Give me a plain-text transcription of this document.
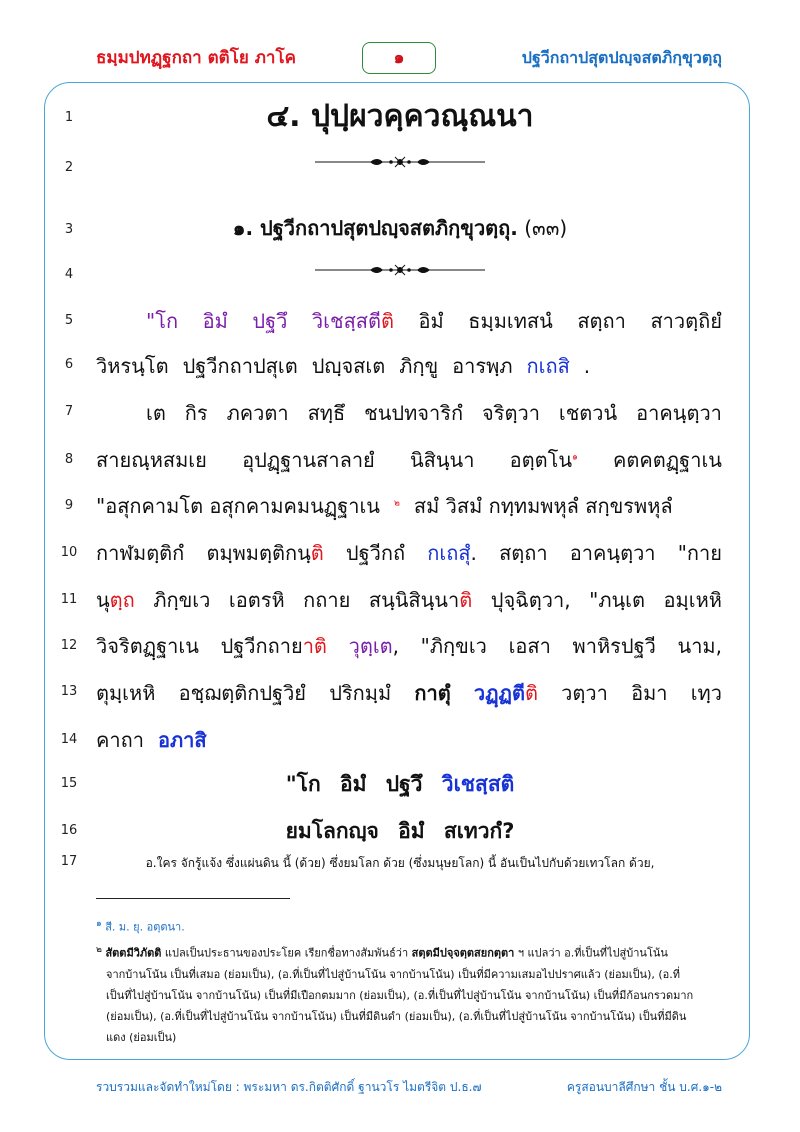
ธมฺมปทฏฺฐกถา ตติโย ภาโค	๑	ปฐวีกถาปสุตปญฺจสตภิกฺขุวตฺถุ
1
2
3
4
5
6
7
8
9
10
11
12
13
14
15
16
17
๔. ปุปฺผวคฺควณฺณนา
๑. ปฐวีกถาปสุตปญฺจสตภิกฺขุวตฺถุ. (๓๓)
"โก อิมํ ปฐวึ วิเชสฺสตีติ อิมํ ธมฺมเทสนํ สตฺถา สาวตฺถิยํ
วิหรนฺโต ปฐวีกถาปสุเต ปญฺจสเต ภิกฺขู อารพฺภ กเถสิ .
เต กิร ภควตา สทฺธึ ชนปทจาริกํ จริตฺวา เชตวนํ อาคนฺตฺวา
สายณฺหสมเย อุปฏฺฐานสาลายํ นิสินฺนา อตฺตโน$^๑$ คตคตฏฺฐาเน
"อสุกคามโต อสุกคามคมนฏฺฐาเน $^๒$ สมํ วิสมํ กทฺทมพหุลํ สกฺขรพหุลํ
กาฬมตฺติกํ ตมฺพมตฺติกนฺติ ปฐวีกถํ กเถสุํ. สตฺถา อาคนฺตฺวา "กาย
นุตฺถ ภิกฺขเว เอตรหิ กถาย สนฺนิสินฺนาติ ปุจฺฉิตฺวา, "ภนฺเต อมฺเหหิ
วิจริตฏฺฐาเน ปฐวีกถายาติ วุตฺเต, "ภิกฺขเว เอสา พาหิรปฐวี นาม,
ตุมฺเหหิ อชฺฌตฺติกปฐวิยํ ปริกมฺมํ กาตุํ วฏฺฏตีติ วตฺวา อิมา เทฺว
คาถา อภาสิ
"โก อิมํ ปฐวึ วิเชสฺสติ
ยมโลกญฺจ อิมํ สเทวกํ?
อ.ใคร จักรู้แจ้ง ซึ่งแผ่นดิน นี้ (ด้วย) ซึ่งยมโลก ด้วย (ซึ่งมนุษยโลก) นี้ อันเป็นไปกับด้วยเทวโลก ด้วย,
$^๑$ สี. ม. ยุ. อตฺตนา.
$^๒$ สัตตมีวิภัตติ แปลเป็นประธานของประโยค เรียกชื่อทางสัมพันธ์ว่า สตฺตมีปจฺจตฺตสยกตฺตา ฯ แปลว่า อ.ที่เป็นที่ไปสู่บ้านโน้น
จากบ้านโน้น เป็นที่เสมอ (ย่อมเป็น), (อ.ที่เป็นที่ไปสู่บ้านโน้น จากบ้านโน้น) เป็นที่มีความเสมอไปปราศแล้ว (ย่อมเป็น), (อ.ที่
เป็นที่ไปสู่บ้านโน้น จากบ้านโน้น) เป็นที่มีเปือกตมมาก (ย่อมเป็น), (อ.ที่เป็นที่ไปสู่บ้านโน้น จากบ้านโน้น) เป็นที่มีก้อนกรวดมาก
(ย่อมเป็น), (อ.ที่เป็นที่ไปสู่บ้านโน้น จากบ้านโน้น) เป็นที่มีดินดำ (ย่อมเป็น), (อ.ที่เป็นที่ไปสู่บ้านโน้น จากบ้านโน้น) เป็นที่มีดิน
แดง (ย่อมเป็น)
รวบรวมและจัดทำใหม่โดย : พระมหา ดร.กิตติศักดิ์ ฐานวโร ไมตรีจิต ป.ธ.๗	ครูสอนบาลีศึกษา ชั้น บ.ศ.๑-๒
